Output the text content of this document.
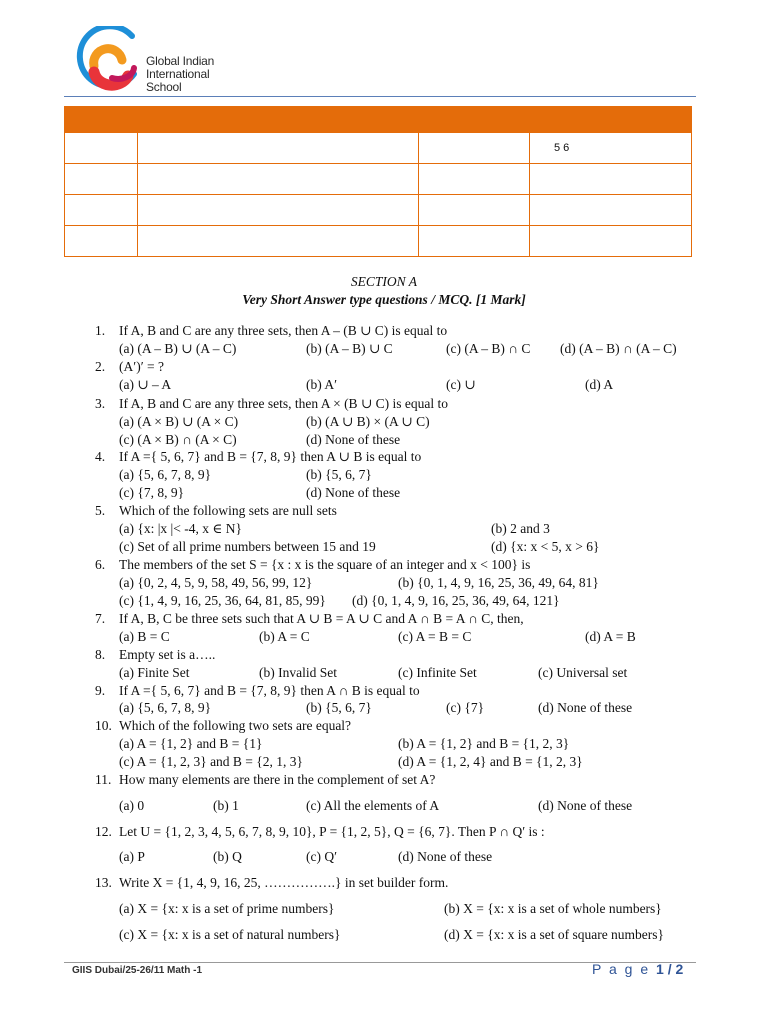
Global Indian
International
School

			5 6

SECTION A
Very Short Answer type questions / MCQ. [1 Mark]
1. If A, B and C are any three sets, then A – (B ∪ C) is equal to
(a) (A – B) ∪ (A – C)	(b) (A – B) ∪ C	(c) (A – B) ∩ C (d) (A – B) ∩ (A – C)
2. (A′)′ = ?
(a) ∪ – A	(b) A′	(c) ∪	(d) A
3. If A, B and C are any three sets, then A × (B ∪ C) is equal to
(a) (A × B) ∪ (A × C)	(b) (A ∪ B) × (A ∪ C)
(c) (A × B) ∩ (A × C)	(d) None of these
4. If A ={ 5, 6, 7} and B = {7, 8, 9} then A ∪ B is equal to
(a) {5, 6, 7, 8, 9}	(b) {5, 6, 7}
(c) {7, 8, 9}	(d) None of these
5. Which of the following sets are null sets
(a) {x: |x |< -4, x ∈ N}	(b) 2 and 3
(c) Set of all prime numbers between 15 and 19	(d) {x: x < 5, x > 6}
6. The members of the set S = {x : x is the square of an integer and x < 100} is
(a) {0, 2, 4, 5, 9, 58, 49, 56, 99, 12}	(b) {0, 1, 4, 9, 16, 25, 36, 49, 64, 81}
(c) {1, 4, 9, 16, 25, 36, 64, 81, 85, 99} (d) {0, 1, 4, 9, 16, 25, 36, 49, 64, 121}
7. If A, B, C be three sets such that A ∪ B = A ∪ C and A ∩ B = A ∩ C, then,
(a) B = C	(b) A = C	(c) A = B = C	(d) A = B
8. Empty set is a…..
(a) Finite Set	(b) Invalid Set	(c) Infinite Set	(c) Universal set
9. If A ={ 5, 6, 7} and B = {7, 8, 9} then A ∩ B is equal to
(a) {5, 6, 7, 8, 9}	(b) {5, 6, 7}	(c) {7}	(d) None of these
10. Which of the following two sets are equal?
(a) A = {1, 2} and B = {1}	(b) A = {1, 2} and B = {1, 2, 3}
(c) A = {1, 2, 3} and B = {2, 1, 3}	(d) A = {1, 2, 4} and B = {1, 2, 3}
11. How many elements are there in the complement of set A?
(a) 0	(b) 1	(c) All the elements of A	(d) None of these
12. Let U = {1, 2, 3, 4, 5, 6, 7, 8, 9, 10}, P = {1, 2, 5}, Q = {6, 7}. Then P ∩ Q′ is :
(a) P	(b) Q	(c) Q′	(d) None of these
13. Write X = {1, 4, 9, 16, 25, …………….} in set builder form.
(a) X = {x: x is a set of prime numbers}	(b) X = {x: x is a set of whole numbers}
(c) X = {x: x is a set of natural numbers}	(d) X = {x: x is a set of square numbers}
GIIS Dubai/25-26/11 Math -1	P a g e 1 / 2
